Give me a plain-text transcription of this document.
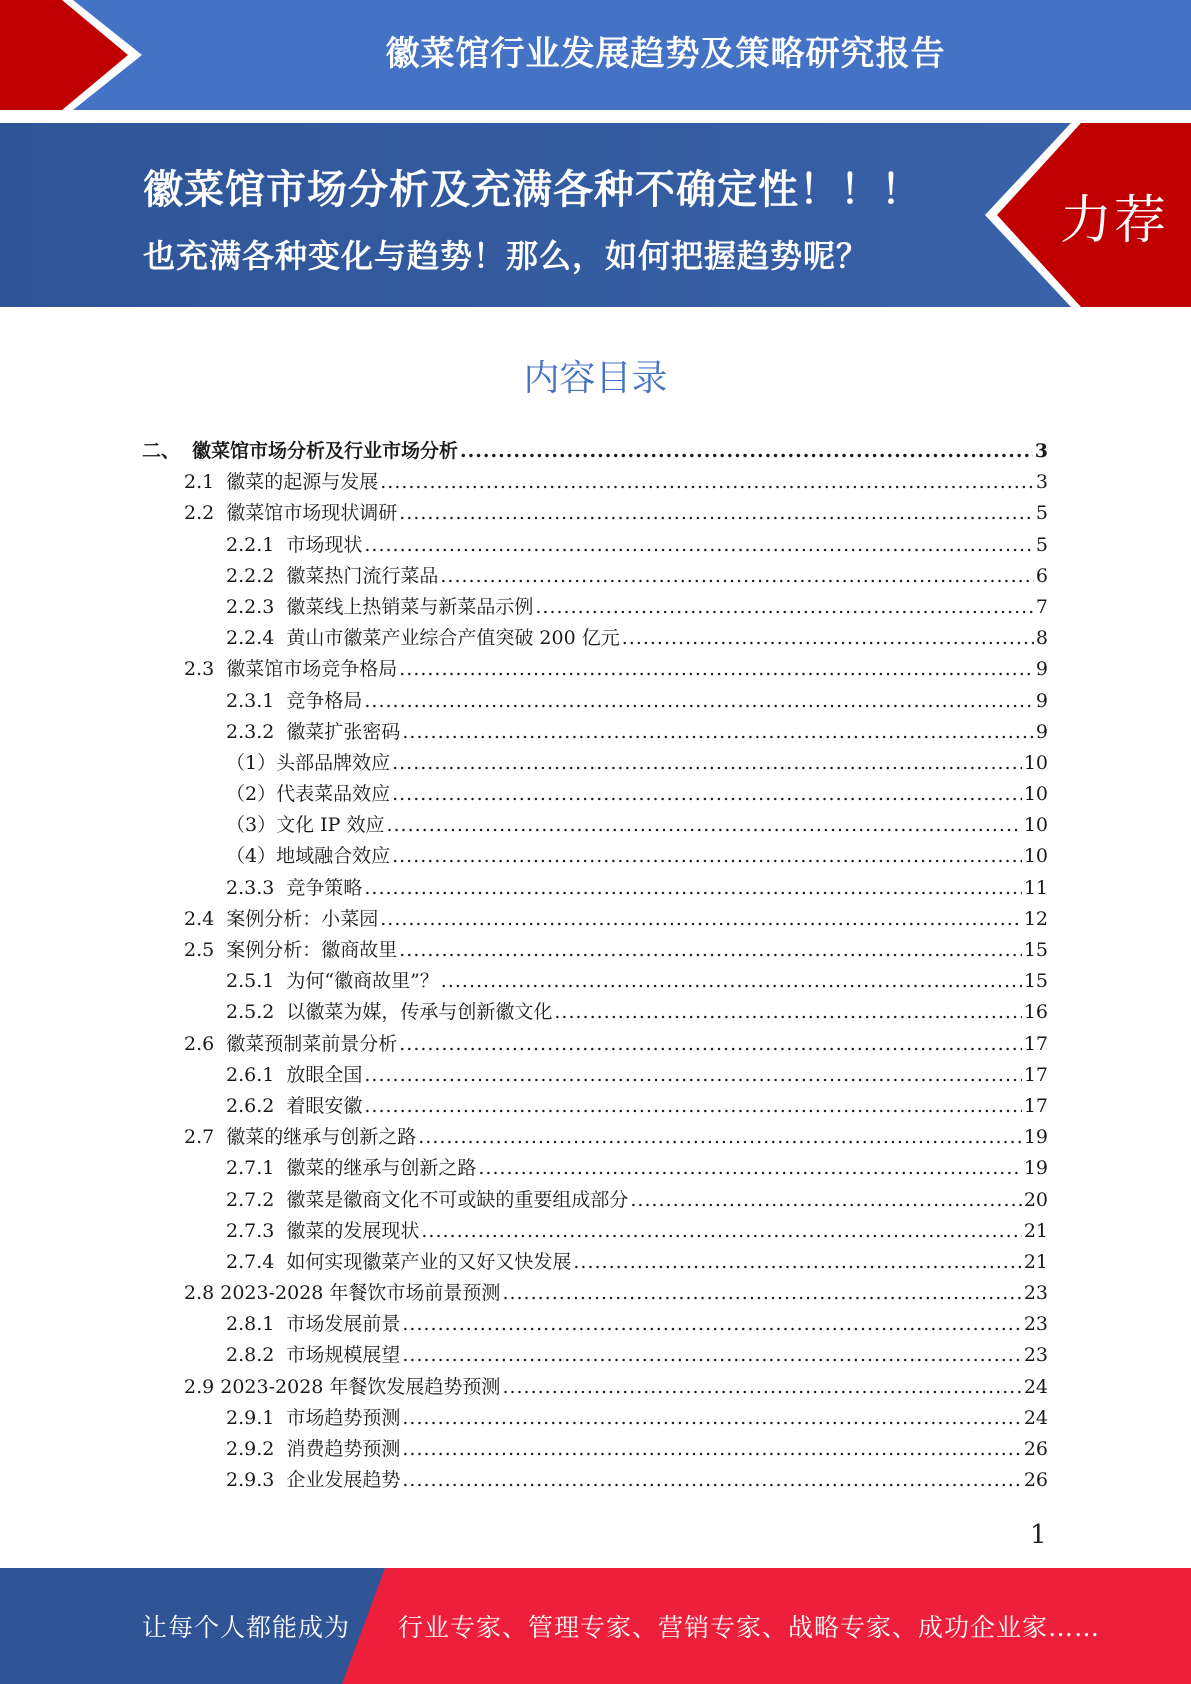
徽菜馆行业发展趋势及策略研究报告
徽菜馆市场分析及充满各种不确定性！！！
也充满各种变化与趋势！那么，如何把握趋势呢？
力荐
内容目录
二、 徽菜馆市场分析及行业市场分析 .....	3
2.1 徽菜的起源与发展 .....	3
2.2 徽菜馆市场现状调研 .....	5
2.2.1 市场现状 .....	5
2.2.2 徽菜热门流行菜品 .....	6
2.2.3 徽菜线上热销菜与新菜品示例 .....	7
2.2.4 黄山市徽菜产业综合产值突破 200 亿元 .....	8
2.3 徽菜馆市场竞争格局 .....	9
2.3.1 竞争格局 .....	9
2.3.2 徽菜扩张密码 .....	9
（1）头部品牌效应 .....	10
（2）代表菜品效应 .....	10
（3）文化 IP 效应 .....	10
（4）地域融合效应 .....	10
2.3.3 竞争策略 .....	11
2.4 案例分析：小菜园 .....	12
2.5 案例分析：徽商故里 .....	15
2.5.1 为何“徽商故里”？ .....	15
2.5.2 以徽菜为媒，传承与创新徽文化 .....	16
2.6 徽菜预制菜前景分析 .....	17
2.6.1 放眼全国 .....	17
2.6.2 着眼安徽 .....	17
2.7 徽菜的继承与创新之路 .....	19
2.7.1 徽菜的继承与创新之路 .....	19
2.7.2 徽菜是徽商文化不可或缺的重要组成部分 .....	20
2.7.3 徽菜的发展现状 .....	21
2.7.4 如何实现徽菜产业的又好又快发展 .....	21
2.8 2023-2028 年餐饮市场前景预测 .....	23
2.8.1 市场发展前景 .....	23
2.8.2 市场规模展望 .....	23
2.9 2023-2028 年餐饮发展趋势预测 .....	24
2.9.1 市场趋势预测 .....	24
2.9.2 消费趋势预测 .....	26
2.9.3 企业发展趋势 .....	26
1
让每个人都能成为 行业专家、管理专家、营销专家、战略专家、成功企业家……
